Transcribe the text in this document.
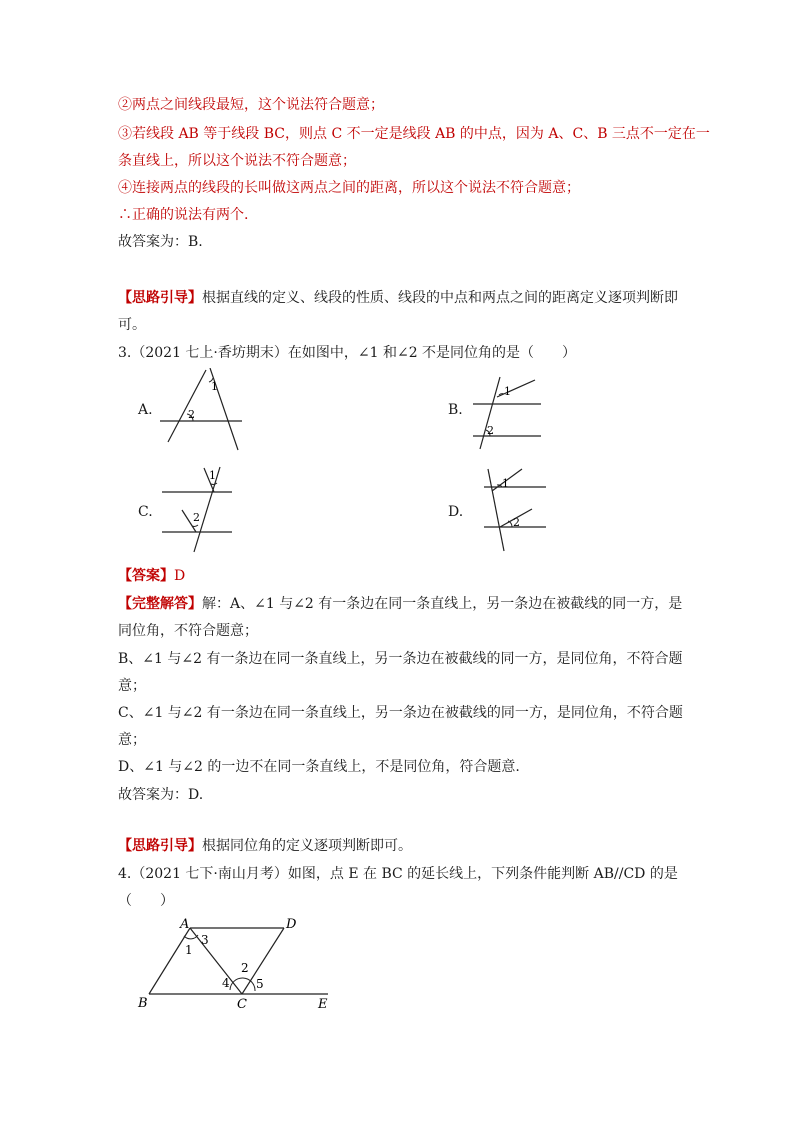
②两点之间线段最短，这个说法符合题意；
③若线段 AB 等于线段 BC，则点 C 不一定是线段 AB 的中点，因为 A、C、B 三点不一定在一
条直线上，所以这个说法不符合题意；
④连接两点的线段的长叫做这两点之间的距离，所以这个说法不符合题意；
∴正确的说法有两个.
故答案为：B.
【思路引导】根据直线的定义、线段的性质、线段的中点和两点之间的距离定义逐项判断即
可。
3.（2021 七上·香坊期末）在如图中，∠1 和∠2 不是同位角的是（　　）
A.
1
2	B.
1
2
C.
1
2	D.
1
2
【答案】D
【完整解答】解：A、∠1 与∠2 有一条边在同一条直线上，另一条边在被截线的同一方，是
同位角，不符合题意；
B、∠1 与∠2 有一条边在同一条直线上，另一条边在被截线的同一方，是同位角，不符合题
意；
C、∠1 与∠2 有一条边在同一条直线上，另一条边在被截线的同一方，是同位角，不符合题
意；
D、∠1 与∠2 的一边不在同一条直线上，不是同位角，符合题意.
故答案为：D.
【思路引导】根据同位角的定义逐项判断即可。
4.（2021 七下·南山月考）如图，点 E 在 BC 的延长线上，下列条件能判断 AB//CD 的是
（　　）
A	D
B	C	E
1
2
3
4 5
